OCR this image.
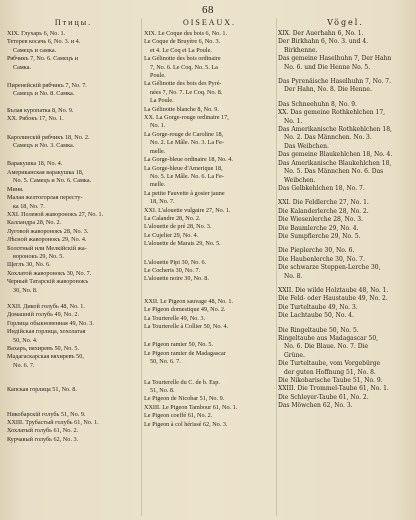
68
Птицы.
XIX. Глухарь 6, No. 1.
Тетерев косачь 6, No. 3. и 4.
Самецъ и самка.
Рябчикъ 7, No. 6. Самецъ и
Самка.
Пиренейскій рябчикъ 7, No. 7.
Самецъ и No. 8. Самка.
Бълая куропатка 8, No. 9.
XX. Рябокъ 17, No. 1.
Каролинскій рябчикъ 18, No. 2.
Самецъ и No. 3. Самка.
Варакушка 18, No. 4.
Американская варакушка 18,
No. 5. Самецъ и No. 6. Самка.
Миня.
Малая желтогорлая пересту-
ка 18, No. 7.
XXI. Полевой жаворонокъ 27, No. 1.
Калландра 28, No. 2.
Луговой жаворонокъ 28, No. 3.
Лѣсной жаворонокъ 29, No. 4.
Болотный или Мелкійскій жа-
воронокъ 29, No. 5.
Щеглъ 30, No. 6.
Хохлатой жаворонокъ 30, No. 7.
Черный Татарскій жаворонокъ
30, No. 8.
XXII. Дикой голубь 48, No. 1.
Домашній голубь 49, No. 2.
Горлица обыкновенная 49, No. 3.
Индійская горлица, хохолатая
50, No. 4.
Вахаръ, вяхиревъ 50, No. 5.
Мадагаскарская вяхиревъ 50,
No. 6. 7.
Капская горлица 51, No. 8.
Никобарскій голубь 51, No. 9.
XXIII. Трубастый голубь 61, No. 1.
Хохлатый голубь 61, No. 2.
Курчавый голубь 62, No. 3.
OISEAUX.
XIX. Le Coque des bois 6, No. 1.
Le Coque de Bruyère 6, No. 3.
et 4. Le Coq et La Poule.
La Gélinotte des bois ordinaire
7, No. 6. Le Coq. No. 5. La
Poule.
La Gélinotte des bois des Pyré-
nées 7, No. 7. Le Coq. No. 8.
La Poule.
La Gélinotte blanche 8, No. 9.
XX. La Gorge-rouge ordinaire 17,
No. 1.
La Gorge-rouge de Caroline 18,
No. 2. Le Mâle. No. 3. La Fe-
melle.
La Gorge-bleue ordinaire 18, No. 4.
La Gorge-bleue d'Amerique 18,
No. 5. Le Mâle. No. 6. La Fe-
melle.
La petite Fauvette à gosier jaune
18, No. 7.
XXI. L'alouette vulgaire 27, No. 1.
La Calandre 28, No. 2.
L'alouette de pré 28, No. 3.
Le Cujelier 29, No. 4.
L'alouette de Marais 29, No. 5.
L'alouette Pipi 30, No. 6.
Le Cocheris 30, No. 7.
L'alouette noire 30, No. 8.
XXII. Le Pigeon sauvage 48, No. 1.
Le Pigeon domestique 49, No. 2.
La Tourterelle 49, No. 3.
La Tourterelle à Collier 50, No. 4.
Le Pigeon ramier 50, No. 5.
Le Pigeon ramier de Madagascar
50, No. 6. 7.
La Tourterelle du C. de b. Esp.
51, No. 8.
Le Pigeon de Nicobar 51, No. 9.
XXIII. Le Pigeon Tambour 61, No. 1.
Le Pigeon coeffé 61, No. 2.
Le Pigeon à col hérissé 62, No. 3.
Vögel.
XIX. Der Auerhahn 6, No. 1.
Der Birkhahn 6, No. 3. und 4.
Birkhenne.
Das gemeine Haselhuhn 7, Der Hahn
No. 6. und Die Henne No. 5.
Das Pyrenäische Haselhuhn 7, No. 7.
Der Hahn, No. 8. Die Henne.
Das Schneehuhn 8, No. 9.
XX. Das gemeine Rothkehlchen 17,
No. 1.
Das Amerikanische Rothkehlchen 18,
No. 2. Das Männchen. No. 3.
Das Weibchen.
Das gemeine Blaukehlchen 18, No. 4.
Das Amerikanische Blaukehlchen 18,
No. 5. Das Männchen No. 6. Das
Weibchen.
Das Gelbkehlchen 18, No. 7.
XXI. Die Feldlerche 27, No. 1.
Die Kalanderlerche 28, No. 2.
Die Wiesenlerche 28, No. 3.
Die Baumlerche 29, No. 4.
Die Sumpflerche 29, No. 5.
Die Pieplerche 30, No. 6.
Die Haubenlerche 30, No. 7.
Die schwarze Steppen-Lerche 30,
No. 8.
XXII. Die wilde Holztaube 48, No. 1.
Die Feld- oder Haustaube 49, No. 2.
Die Turteltaube 49, No. 3.
Die Lachtaube 50, No. 4.
Die Ringeltaube 50, No. 5.
Ringeltaube aus Madagascar 50,
No. 6. Die Blaue. No. 7. Die
Grüne.
Die Turteltaube, vom Vorgebürge
der guten Hoffnung 51, No. 8.
Die Nikobarische Taube 51, No. 9.
XXIII. Die Trommel-Taube 61, No. 1.
Die Schleyer-Taube 61, No. 2.
Das Möwchen 62, No. 3.
